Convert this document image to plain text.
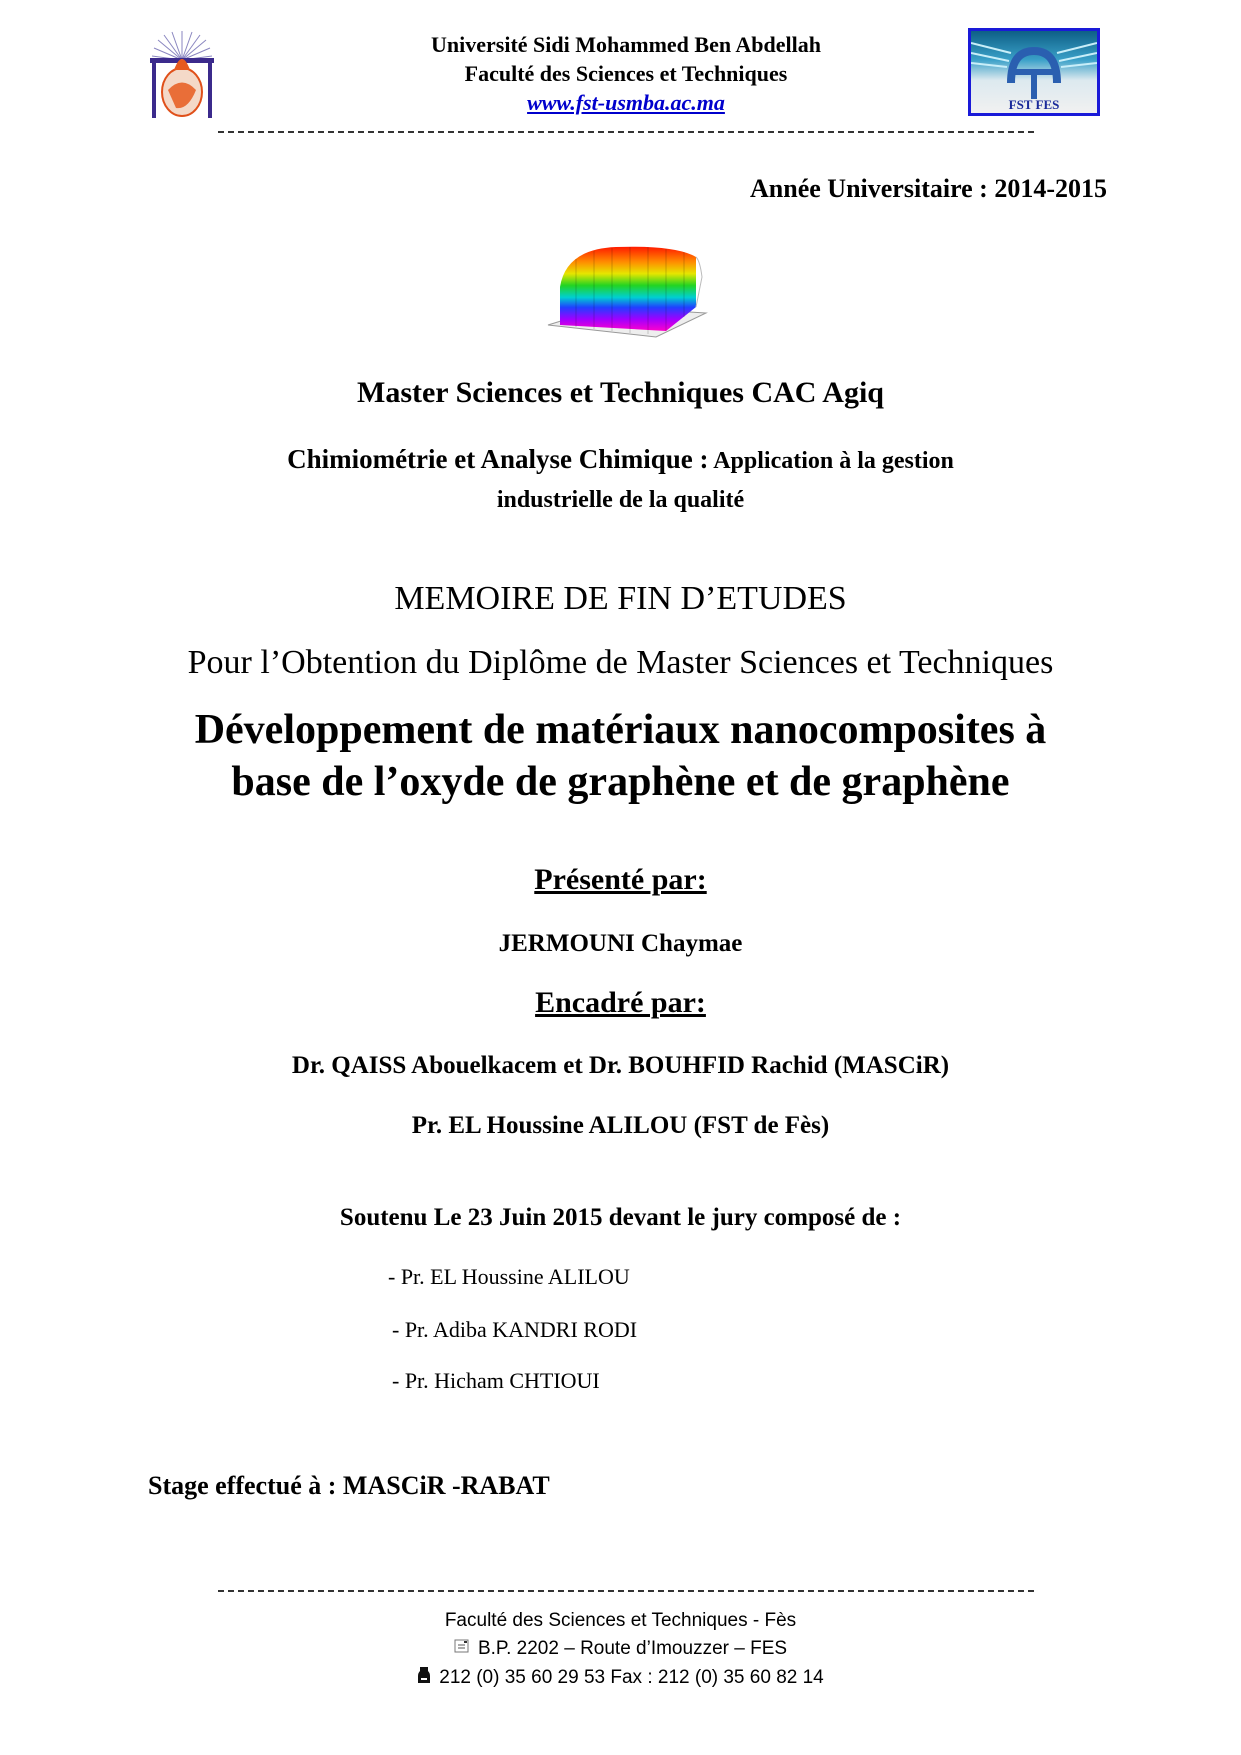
Université Sidi Mohammed Ben Abdellah
Faculté des Sciences et Techniques
www.fst-usmba.ac.ma	FST FES
Année Universitaire : 2014-2015
Master Sciences et Techniques CAC Agiq
Chimiométrie et Analyse Chimique : Application à la gestion
industrielle de la qualité
MEMOIRE DE FIN D’ETUDES
Pour l’Obtention du Diplôme de Master Sciences et Techniques
Développement de matériaux nanocomposites à
base de l’oxyde de graphène et de graphène
Présenté par:
JERMOUNI Chaymae
Encadré par:
Dr. QAISS Abouelkacem et Dr. BOUHFID Rachid (MASCiR)
Pr. EL Houssine ALILOU (FST de Fès)
Soutenu Le 23 Juin 2015 devant le jury composé de :
- Pr. EL Houssine ALILOU
- Pr. Adiba KANDRI RODI
- Pr. Hicham CHTIOUI
Stage effectué à : MASCiR -RABAT
Faculté des Sciences et Techniques - Fès
B.P. 2202 – Route d’Imouzzer – FES
212 (0) 35 60 29 53 Fax : 212 (0) 35 60 82 14
